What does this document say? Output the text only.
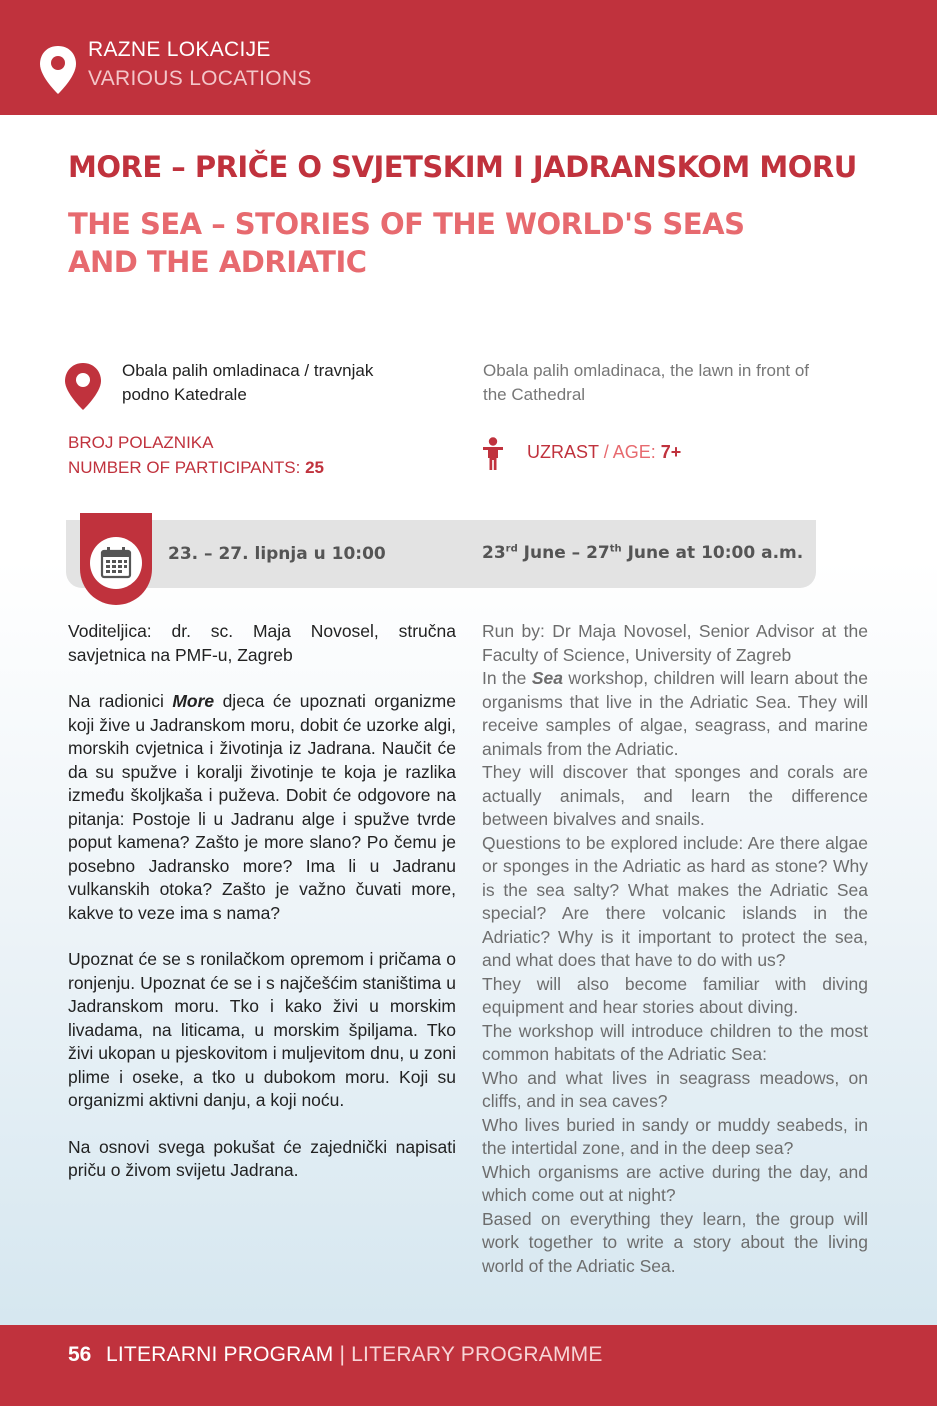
RAZNE LOKACIJE
VARIOUS LOCATIONS
MORE – PRIČE O SVJETSKIM I JADRANSKOM MORU
THE SEA – STORIES OF THE WORLD'S SEAS
AND THE ADRIATIC
Obala palih omladinaca / travnjak
podno Katedrale
Obala palih omladinaca, the lawn in front of
the Cathedral
BROJ POLAZNIKA
NUMBER OF PARTICIPANTS: 25
UZRAST / AGE: 7+
23. – 27. lipnja u 10:00	23rd June – 27th June at 10:00 a.m.

Voditeljica: dr. sc. Maja Novosel, stručna savjetnica na PMF-u, Zagreb

Na radionici More djeca će upoznati organizme koji žive u Jadranskom moru, dobit će uzorke algi, morskih cvjetnica i životinja iz Jadrana. Naučit će da su spužve i koralji životinje te koja je razlika između školjkaša i puževa. Dobit će odgovore na pitanja: Postoje li u Jadranu alge i spužve tvrde poput kamena? Zašto je more slano? Po čemu je posebno Jadransko more? Ima li u Jadranu vulkanskih otoka? Zašto je važno čuvati more, kakve to veze ima s nama?

Upoznat će se s ronilačkom opremom i pričama o ronjenju. Upoznat će se i s najčešćim staništima u Jadranskom moru. Tko i kako živi u morskim livadama, na liticama, u morskim špiljama. Tko živi ukopan u pjeskovitom i muljevitom dnu, u zoni plime i oseke, a tko u dubokom moru. Koji su organizmi aktivni danju, a koji noću.

Na osnovi svega pokušat će zajednički napisati priču o živom svijetu Jadrana.

Run by: Dr Maja Novosel, Senior Advisor at the Faculty of Science, University of Zagreb

In the Sea workshop, children will learn about the organisms that live in the Adriatic Sea. They will receive samples of algae, seagrass, and marine animals from the Adriatic.

They will discover that sponges and corals are actually animals, and learn the difference between bivalves and snails.

Questions to be explored include: Are there algae or sponges in the Adriatic as hard as stone? Why is the sea salty? What makes the Adriatic Sea special? Are there volcanic islands in the Adriatic? Why is it important to protect the sea, and what does that have to do with us?

They will also become familiar with diving equipment and hear stories about diving.

The workshop will introduce children to the most common habitats of the Adriatic Sea:

Who and what lives in seagrass meadows, on cliffs, and in sea caves?

Who lives buried in sandy or muddy seabeds, in the intertidal zone, and in the deep sea?

Which organisms are active during the day, and which come out at night?

Based on everything they learn, the group will work together to write a story about the living world of the Adriatic Sea.

56 LITERARNI PROGRAM | LITERARY PROGRAMME
